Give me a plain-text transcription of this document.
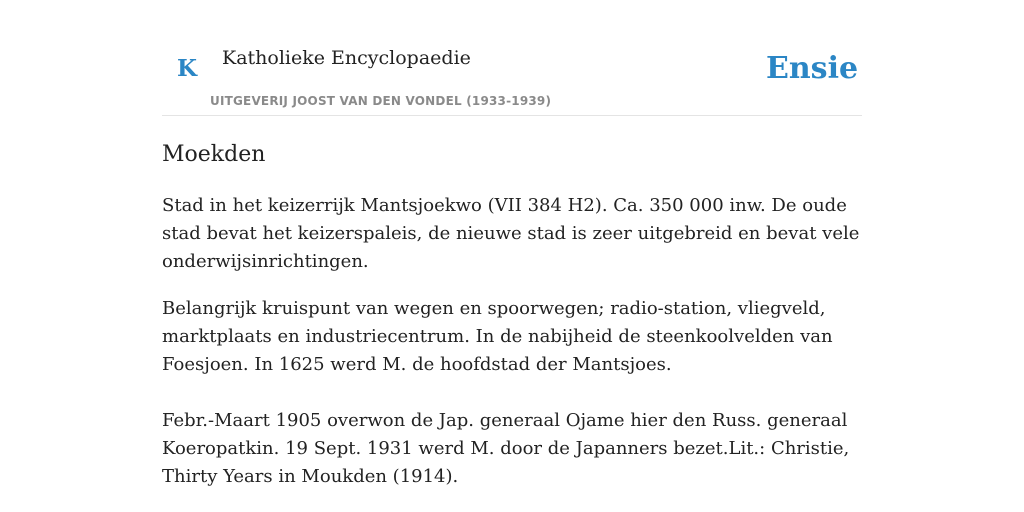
K Katholieke Encyclopaedie	Ensie
UITGEVERIJ JOOST VAN DEN VONDEL (1933-1939)
Moekden

Stad in het keizerrijk Mantsjoekwo (VII 384 H2). Ca. 350 000 inw. De oude stad bevat het keizerspaleis, de nieuwe stad is zeer uitgebreid en bevat vele onderwijsinrichtingen.

Belangrijk kruispunt van wegen en spoorwegen; radio-station, vliegveld, marktplaats en industriecentrum. In de nabijheid de steenkoolvelden van Foesjoen. In 1625 werd M. de hoofdstad der Mantsjoes.

Febr.-Maart 1905 overwon de Jap. generaal Ojame hier den Russ. generaal Koeropatkin. 19 Sept. 1931 werd M. door de Japanners bezet.Lit.: Christie, Thirty Years in Moukden (1914).
